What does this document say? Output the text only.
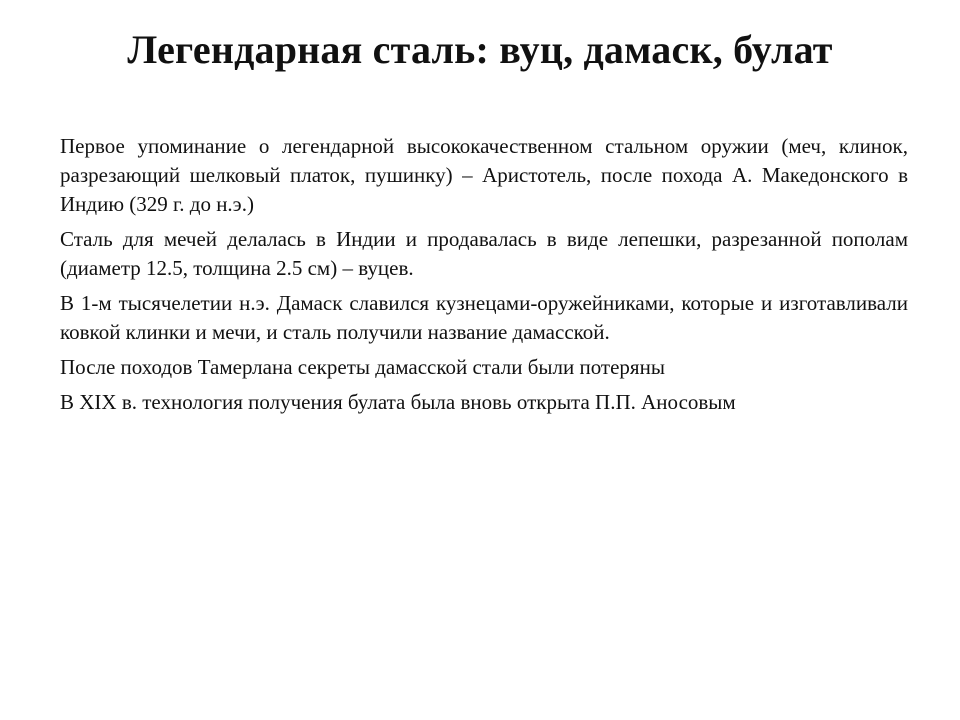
Легендарная сталь: вуц, дамаск, булат

Первое упоминание о легендарной высококачественном стальном оружии (меч, клинок, разрезающий шелковый платок, пушинку) – Аристотель, после похода А. Македонского в Индию (329 г. до н.э.)

Сталь для мечей делалась в Индии и продавалась в виде лепешки, разрезанной пополам (диаметр 12.5, толщина 2.5 см) – вуцев.

В 1-м тысячелетии н.э. Дамаск славился кузнецами-оружейниками, которые и изготавливали ковкой клинки и мечи, и сталь получили название дамасской.

После походов Тамерлана секреты дамасской стали были потеряны

В XIX в. технология получения булата была вновь открыта П.П. Аносовым
